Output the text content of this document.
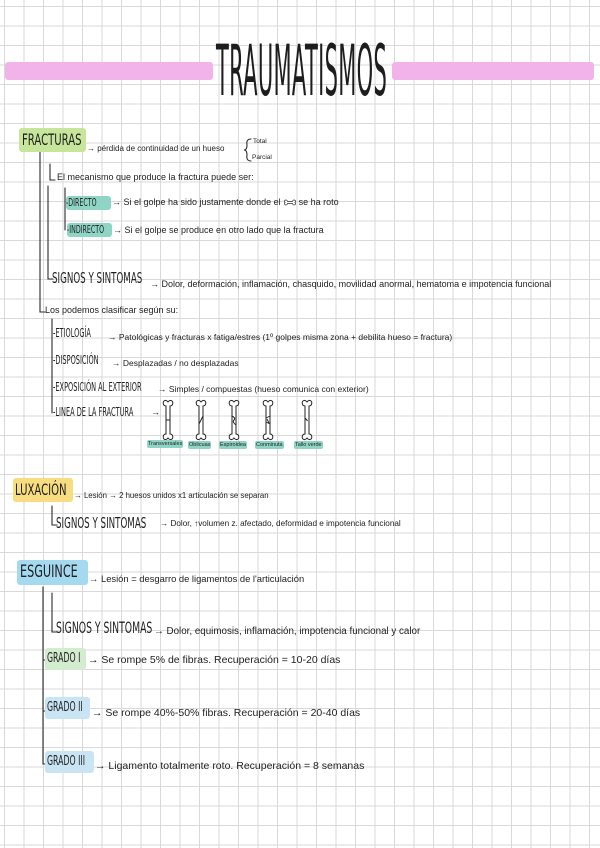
TRAUMATISMOS
FRACTURAS → pérdida de continuidad de un hueso
Total
Parcial
El mecanismo que produce la fractura puede ser:
-DIRECTO → Si el golpe ha sido justamente donde el se ha roto
-INDIRECTO → Si el golpe se produce en otro lado que la fractura
SIGNOS Y SINTOMAS → Dolor, deformación, inflamación, chasquido, movilidad anormal, hematoma e impotencia funcional
Los podemos clasificar según su:
-ETIOLOGÍA → Patológicas y fracturas x fatiga/estres (1º golpes misma zona + debilita hueso = fractura)
-DISPOSICIÓN → Desplazadas / no desplazadas
-EXPOSICIÓN AL EXTERIOR → Simples / compuestas (hueso comunica con exterior)
-LINEA DE LA FRACTURA →
Transversales Oblicuas Espiroidea Conminuta Tallo verde
LUXACIÓN → Lesión → 2 huesos unidos x1 articulación se separan
SIGNOS Y SINTOMAS → Dolor, ↑volumen z. afectado, deformidad e impotencia funcional
ESGUINCE → Lesión = desgarro de ligamentos de l'articulación
SIGNOS Y SINTOMAS → Dolor, equimosis, inflamación, impotencia funcional y calor
GRADO I → Se rompe 5% de fibras. Recuperación = 10-20 días
GRADO II → Se rompe 40%-50% fibras. Recuperación = 20-40 días
GRADO III → Ligamento totalmente roto. Recuperación = 8 semanas
